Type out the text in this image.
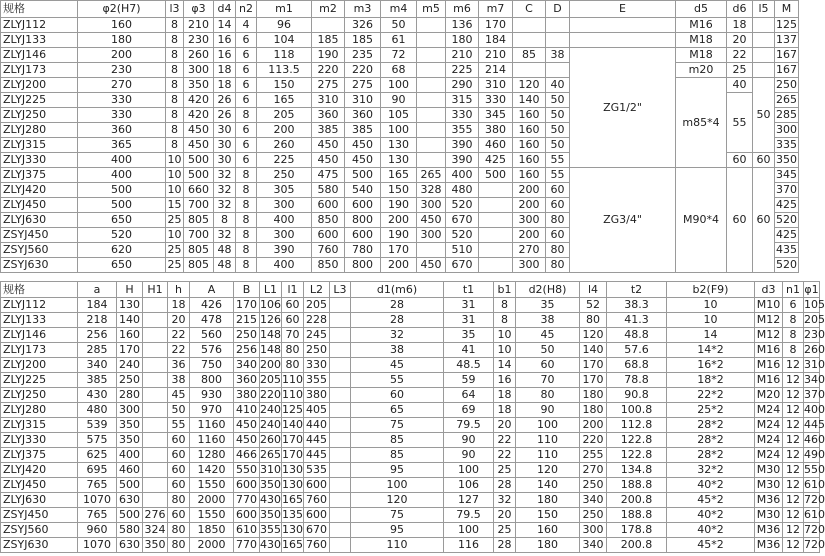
规格	φ2(H7)	l3	φ3	d4	n2	m1	m2	m3	m4	m5	m6	m7	C	D	E	d5	d6	l5	M
ZLYJ112	160	8	210	14	4	96		326	50		136	170				M16	18		125
ZLYJ133	180	8	230	16	6	104	185	185	61		180	184				M18	20		137
ZLYJ146	200	8	260	16	6	118	190	235	72		210	210	85	38	ZG1/2"	M18	22		167
ZLYJ173	230	8	300	18	6	113.5	220	220	68		225	214				m20	25		167
ZLYJ200	270	8	350	18	6	150	275	275	100		290	310	120	40		m85*4	40	50	250
ZLYJ225	330	8	420	26	6	165	310	310	90		315	330	140	50			55		265
ZLYJ250	330	8	420	26	8	205	360	360	105		330	345	160	50					285
ZLYJ280	360	8	450	30	6	200	385	385	100		355	380	160	50					300
ZLYJ315	365	8	450	30	6	260	450	450	130		390	460	160	50					335
ZLYJ330	400	10	500	30	6	225	450	450	130		390	425	160	55			60	60	350
ZLYJ375	400	10	500	32	8	250	475	500	165	265	400	500	160	55	ZG3/4"	M90*4	60	60	345
ZLYJ420	500	10	660	32	8	305	580	540	150	328	480		200	60					370
ZLYJ450	500	15	700	32	8	300	600	600	190	300	520		200	60					425
ZLYJ630	650	25	805	8	8	400	850	800	200	450	670		300	80					520
ZSYJ450	520	10	700	32	8	300	600	600	190	300	520		200	60					425
ZSYJ560	620	25	805	48	8	390	760	780	170		510		270	80					435
ZSYJ630	650	25	805	48	8	400	850	800	200	450	670		300	80					520
规格	a	H	H1	h	A	B	L1	l1	L2	L3	d1(m6)	t1	b1	d2(H8)	l4	t2	b2(F9)	d3	n1	φ1
ZLYJ112	184	130		18	426	170	106	60	205		28	31	8	35	52	38.3	10	M10	6	105
ZLYJ133	218	140		20	478	215	126	60	228		28	31	8	38	80	41.3	10	M12	8	205
ZLYJ146	256	160		22	560	250	148	70	245		32	35	10	45	120	48.8	14	M12	8	230
ZLYJ173	285	170		22	576	256	148	80	250		38	41	10	50	140	57.6	14*2	M16	8	260
ZLYJ200	340	240		36	750	340	200	80	330		45	48.5	14	60	170	68.8	16*2	M16	12	310
ZLYJ225	385	250		38	800	360	205	110	355		55	59	16	70	170	78.8	18*2	M16	12	340
ZLYJ250	430	280		45	930	380	220	110	380		60	64	18	80	180	90.8	22*2	M20	12	370
ZLYJ280	480	300		50	970	410	240	125	405		65	69	18	90	180	100.8	25*2	M24	12	400
ZLYJ315	539	350		55	1160	450	240	140	440		75	79.5	20	100	200	112.8	28*2	M24	12	445
ZLYJ330	575	350		60	1160	450	260	170	445		85	90	22	110	220	122.8	28*2	M24	12	460
ZLYJ375	625	400		60	1280	466	265	170	445		85	90	22	110	255	122.8	28*2	M24	12	490
ZLYJ420	695	460		60	1420	550	310	130	535		95	100	25	120	270	134.8	32*2	M30	12	550
ZLYJ450	765	500		60	1550	600	350	130	600		100	106	28	140	250	188.8	40*2	M30	12	610
ZLYJ630	1070	630		80	2000	770	430	165	760		120	127	32	180	340	200.8	45*2	M36	12	720
ZSYJ450	765	500	276	60	1550	600	350	135	600		75	79.5	20	150	250	188.8	40*2	M30	12	610
ZSYJ560	960	580	324	80	1850	610	355	130	670		95	100	25	160	300	178.8	40*2	M36	12	720
ZSYJ630	1070	630	350	80	2000	770	430	165	760		110	116	28	180	340	200.8	45*2	M36	12	720
